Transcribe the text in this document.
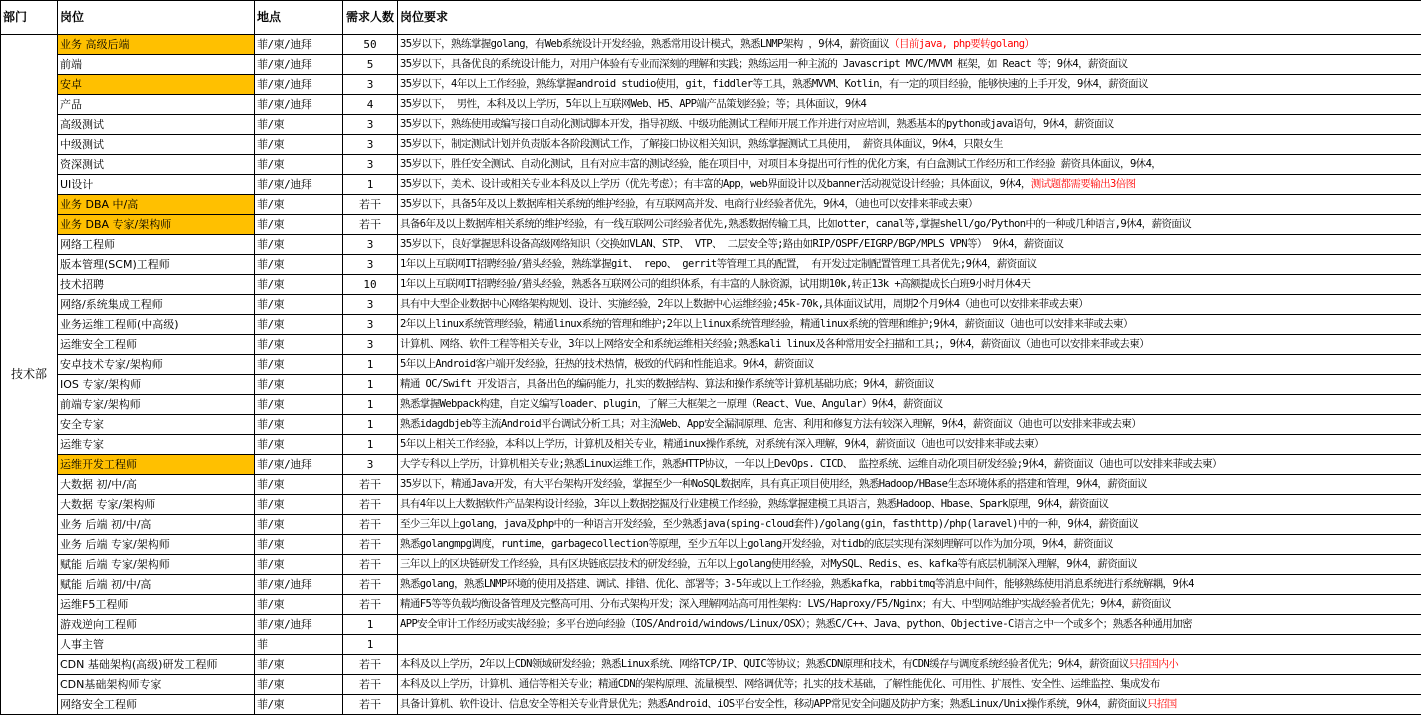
部门	岗位	地点	需求人数	岗位要求
技术部	业务 高级后端	菲/柬/迪拜	50	35岁以下，熟练掌握golang，有Web系统设计开发经验，熟悉常用设计模式，熟悉LNMP架构 ，9休4，薪资面议（目前java, php要转golang）
	前端	菲/柬/迪拜	5	35岁以下，具备优良的系统设计能力，对用户体验有专业而深刻的理解和实践；熟练运用一种主流的 Javascript MVC/MVVM 框架，如 React 等；9休4，薪资面议
	安卓	菲/柬/迪拜	3	35岁以下，4年以上工作经验，熟练掌握android studio使用，git，fiddler等工具，熟悉MVVM、Kotlin，有一定的项目经验，能够快速的上手开发，9休4，薪资面议
	产品	菲/柬/迪拜	4	35岁以下， 男性，本科及以上学历，5年以上互联网Web、H5、APP端产品策划经验；等；具体面议，9休4
	高级测试	菲/柬	3	35岁以下，熟练使用或编写接口自动化测试脚本开发，指导初级、中级功能测试工程师开展工作并进行对应培训，熟悉基本的python或java语句，9休4，薪资面议
	中级测试	菲/柬	3	35岁以下，制定测试计划并负责版本各阶段测试工作，了解接口协议相关知识，熟练掌握测试工具使用， 薪资具体面议，9休4，只限女生
	资深测试	菲/柬	3	35岁以下，胜任安全测试、自动化测试，且有对应丰富的测试经验，能在项目中，对项目本身提出可行性的优化方案，有白盒测试工作经历和工作经验 薪资具体面议，9休4，
	UI设计	菲/柬/迪拜	1	35岁以下，美术、设计或相关专业本科及以上学历（优先考虑）；有丰富的App，web界面设计以及banner活动视觉设计经验；具体面议，9休4，测试题都需要输出3倍图
	业务 DBA 中/高	菲/柬	若干	35岁以下，具备5年及以上数据库相关系统的维护经验，有互联网高并发、电商行业经验者优先，9休4，（迪也可以安排来菲或去柬）
	业务 DBA 专家/架构师	菲/柬	若干	具备6年及以上数据库相关系统的维护经验，有一线互联网公司经验者优先,熟悉数据传输工具，比如otter，canal等,掌握shell/go/Python中的一种或几种语言,9休4，薪资面议
	网络工程师	菲/柬	3	35岁以下，良好掌握思科设备高级网络知识（交换如VLAN、STP、 VTP、 二层安全等;路由如RIP/OSPF/EIGRP/BGP/MPLS VPN等） 9休4，薪资面议
	版本管理(SCM)工程师	菲/柬	3	1年以上互联网IT招聘经验/猎头经验，熟练掌握git、 repo、 gerrit等管理工具的配置， 有开发过定制配置管理工具者优先;9休4，薪资面议
	技术招聘	菲/柬	10	1年以上互联网IT招聘经验/猎头经验，熟悉各互联网公司的组织体系，有丰富的人脉资源，试用期10k,转正13k +高额提成长白班9小时月休4天
	网络/系统集成工程师	菲/柬	3	具有中大型企业数据中心网络架构规划、设计、实施经验，2年以上数据中心运维经验;45k-70k,具体面议试用，周期2个月9休4（迪也可以安排来菲或去柬）
	业务运维工程师(中高级)	菲/柬	3	2年以上linux系统管理经验，精通linux系统的管理和维护;2年以上linux系统管理经验，精通linux系统的管理和维护;9休4，薪资面议（迪也可以安排来菲或去柬）
	运维安全工程师	菲/柬	3	计算机、网络、软件工程等相关专业，3年以上网络安全和系统运维相关经验;熟悉kali linux及各种常用安全扫描和工具;，9休4，薪资面议（迪也可以安排来菲或去柬）
	安卓技术专家/架构师	菲/柬	1	5年以上Android客户端开发经验，狂热的技术热情，极致的代码和性能追求。9休4，薪资面议
	IOS 专家/架构师	菲/柬	1	精通 OC/Swift 开发语言，具备出色的编码能力，扎实的数据结构、算法和操作系统等计算机基础功底；9休4，薪资面议
	前端专家/架构师	菲/柬	1	熟悉掌握Webpack构建，自定义编写loader、plugin，了解三大框架之一原理（React、Vue、Angular）9休4，薪资面议
	安全专家	菲/柬	1	熟悉idagdbjeb等主流Android平台调试分析工具；对主流Web、App安全漏洞原理、危害、利用和修复方法有较深入理解，9休4，薪资面议（迪也可以安排来菲或去柬）
	运维专家	菲/柬	1	5年以上相关工作经验，本科以上学历，计算机及相关专业，精通inux操作系统，对系统有深入理解，9休4，薪资面议（迪也可以安排来菲或去柬）
	运维开发工程师	菲/柬/迪拜	3	大学专科以上学历，计算机相关专业;熟悉Linux运维工作，熟悉HTTP协议，一年以上DevOps. CICD、 监控系统、运维自动化项目研发经验;9休4，薪资面议（迪也可以安排来菲或去柬）
	大数据 初/中/高	菲/柬	若干	35岁以下，精通Java开发，有大平台架构开发经验，掌握至少一种NoSQL数据库，具有真正项目使用经，熟悉Hadoop/HBase生态环境体系的搭建和管理，9休4，薪资面议
	大数据 专家/架构师	菲/柬	若干	具有4年以上大数据软件产品架构设计经验，3年以上数据挖掘及行业建模工作经验，熟练掌握建模工具语言，熟悉Hadoop、Hbase、Spark原理，9休4，薪资面议
	业务 后端 初/中/高	菲/柬	若干	至少三年以上golang，java及php中的一种语言开发经验，至少熟悉java(sping-cloud套件)/golang(gin，fasthttp)/php(laravel)中的一种，9休4，薪资面议
	业务 后端 专家/架构师	菲/柬	若干	熟悉golangmpg调度，runtime，garbagecollection等原理，至少五年以上golang开发经验，对tidb的底层实现有深刻理解可以作为加分项，9休4，薪资面议
	赋能 后端 专家/架构师	菲/柬	若干	三年以上的区块链研发工作经验，具有区块链底层技术的研发经验，五年以上golang使用经验，对MySQL、Redis、es、kafka等有底层机制深入理解，9休4，薪资面议
	赋能 后端 初/中/高	菲/柬/迪拜	若干	熟悉golang，熟悉LNMP环境的使用及搭建、调试、排错、优化、部署等；3-5年或以上工作经验，熟悉kafka，rabbitmq等消息中间件，能够熟练使用消息系统进行系统解耦，9休4
	运维F5工程师	菲/柬	若干	精通F5等等负载均衡设备管理及完整高可用、分布式架构开发；深入理解网站高可用性架构：LVS/Haproxy/F5/Nginx；有大、中型网站维护实战经验者优先；9休4，薪资面议
	游戏逆向工程师	菲/柬/迪拜	1	APP安全审计工作经历或实战经验；多平台逆向经验（IOS/Android/windows/Linux/OSX）；熟悉C/C++、Java、python、Objective-C语言之中一个或多个；熟悉各种通用加密
	人事主管	菲	1	
	CDN 基础架构(高级)研发工程师	菲/柬	若干	本科及以上学历，2年以上CDN领域研发经验；熟悉Linux系统、网络TCP/IP、QUIC等协议；熟悉CDN原理和技术，有CDN缓存与调度系统经验者优先；9休4，薪资面议只招国内小
	CDN基础架构师专家	菲/柬	若干	本科及以上学历，计算机、通信等相关专业；精通CDN的架构原理、流量模型、网络调优等；扎实的技术基础，了解性能优化、可用性、扩展性、安全性、运维监控、集成发布
	网络安全工程师	菲/柬	若干	具备计算机、软件设计、信息安全等相关专业背景优先；熟悉Android、iOS平台安全性，移动APP常见安全问题及防护方案；熟悉Linux/Unix操作系统，9休4，薪资面议只招国
